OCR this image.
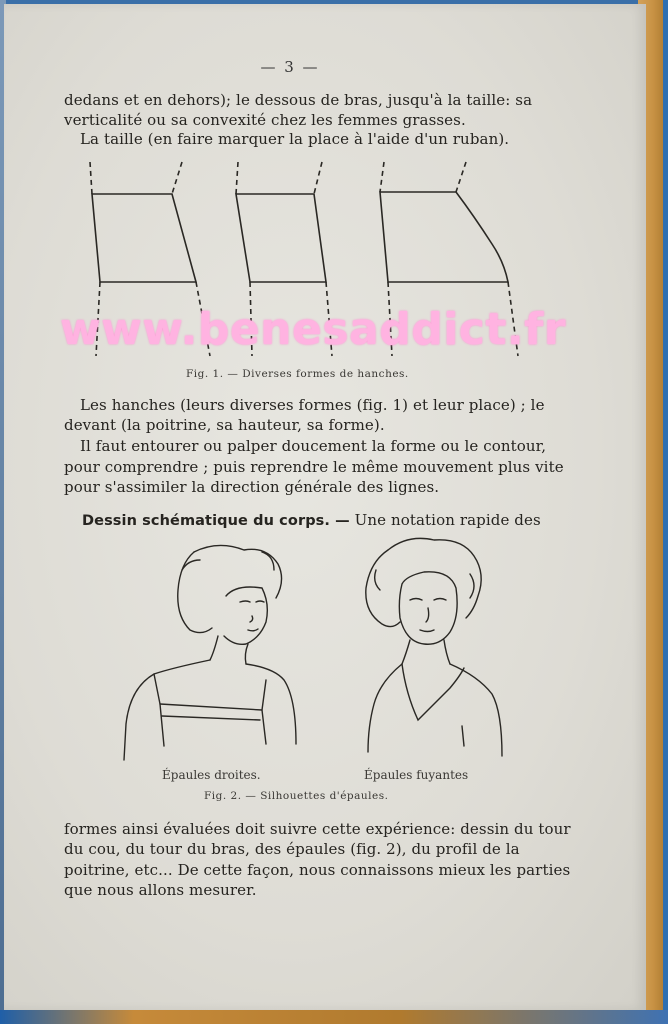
— 3 —
dedans et en dehors); le dessous de bras, jusqu'à la taille: sa
verticalité ou sa convexité chez les femmes grasses.
La taille (en faire marquer la place à l'aide d'un ruban).
www.benesaddict.fr
Fig. 1. — Diverses formes de hanches.
Les hanches (leurs diverses formes (fig. 1) et leur place) ; le
devant (la poitrine, sa hauteur, sa forme).
Il faut entourer ou palper doucement la forme ou le contour,
pour comprendre ; puis reprendre le même mouvement plus vite
pour s'assimiler la direction générale des lignes.
Dessin schématique du corps. — Une notation rapide des
Épaules droites.	Épaules fuyantes
Fig. 2. — Silhouettes d'épaules.
formes ainsi évaluées doit suivre cette expérience: dessin du tour
du cou, du tour du bras, des épaules (fig. 2), du profil de la
poitrine, etc... De cette façon, nous connaissons mieux les parties
que nous allons mesurer.
